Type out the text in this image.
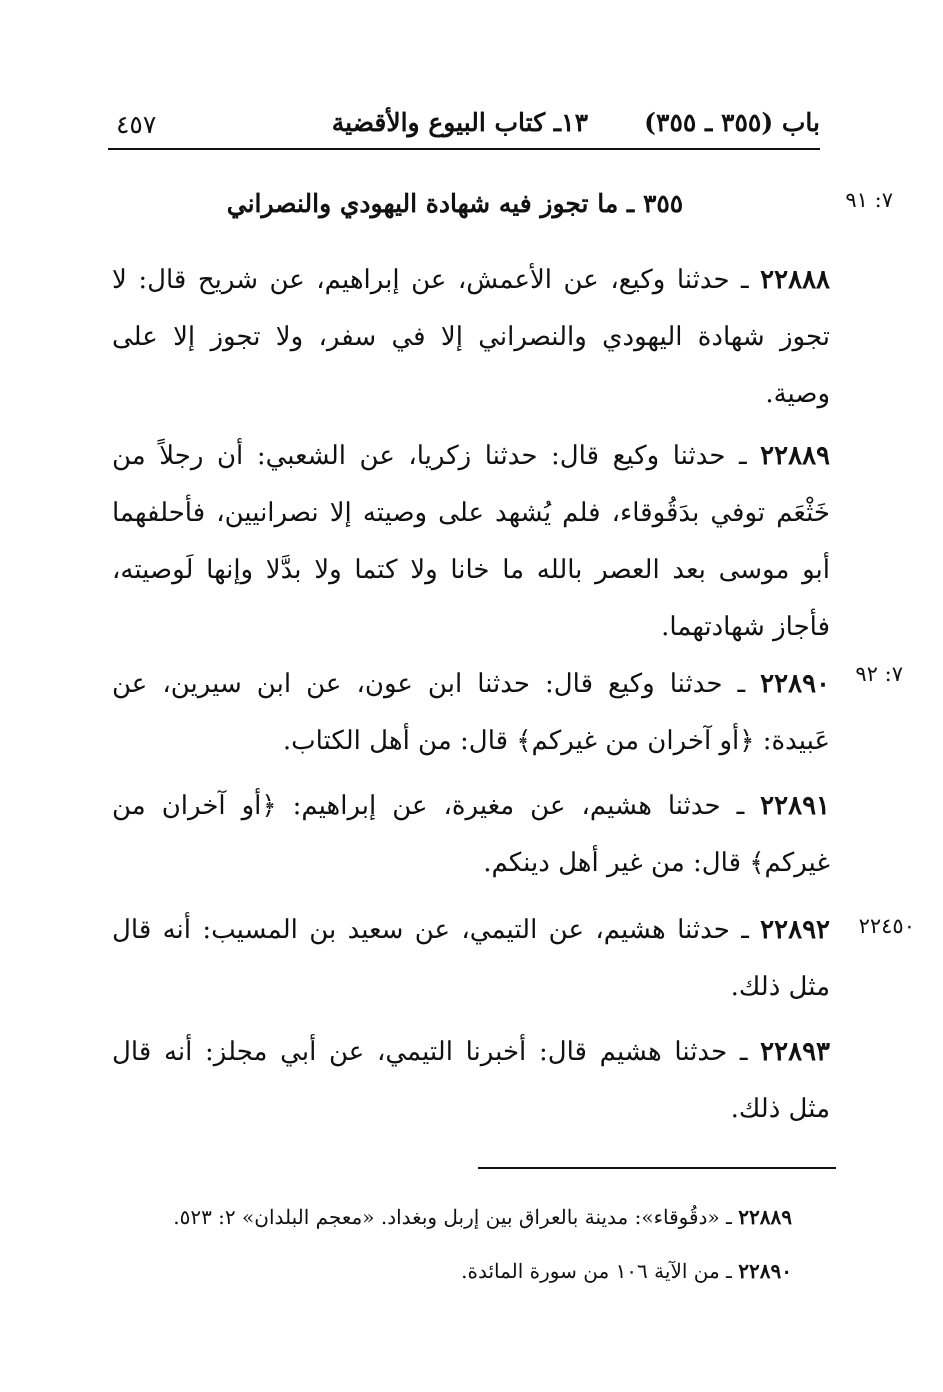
باب (٣٥٥ ـ ٣٥٥)
١٣ـ كتاب البيوع والأقضية
٤٥٧
٧: ٩١
٧: ٩٢
٢٢٤٥٠
٣٥٥ ـ ما تجوز فيه شهادة اليهودي والنصراني
٢٢٨٨٨ ـ حدثنا وكيع، عن الأعمش، عن إبراهيم، عن شريح قال: لا تجوز شهادة اليهودي والنصراني إلا في سفر، ولا تجوز إلا على وصية.
٢٢٨٨٩ ـ حدثنا وكيع قال: حدثنا زكريا، عن الشعبي: أن رجلاً من خَثْعَم توفي بدَقُوقاء، فلم يُشهد على وصيته إلا نصرانيين، فأحلفهما أبو موسى بعد العصر بالله ما خانا ولا كتما ولا بدَّلا وإنها لَوصيته، فأجاز شهادتهما.
٢٢٨٩٠ ـ حدثنا وكيع قال: حدثنا ابن عون، عن ابن سيرين، عن عَبيدة: ﴿أو آخران من غيركم﴾ قال: من أهل الكتاب.
٢٢٨٩١ ـ حدثنا هشيم، عن مغيرة، عن إبراهيم: ﴿أو آخران من غيركم﴾ قال: من غير أهل دينكم.
٢٢٨٩٢ ـ حدثنا هشيم، عن التيمي، عن سعيد بن المسيب: أنه قال مثل ذلك.
٢٢٨٩٣ ـ حدثنا هشيم قال: أخبرنا التيمي، عن أبي مجلز: أنه قال مثل ذلك.
٢٢٨٨٩ ـ «دقُوقاء»: مدينة بالعراق بين إربل وبغداد. «معجم البلدان» ٢: ٥٢٣.
٢٢٨٩٠ ـ من الآية ١٠٦ من سورة المائدة.
